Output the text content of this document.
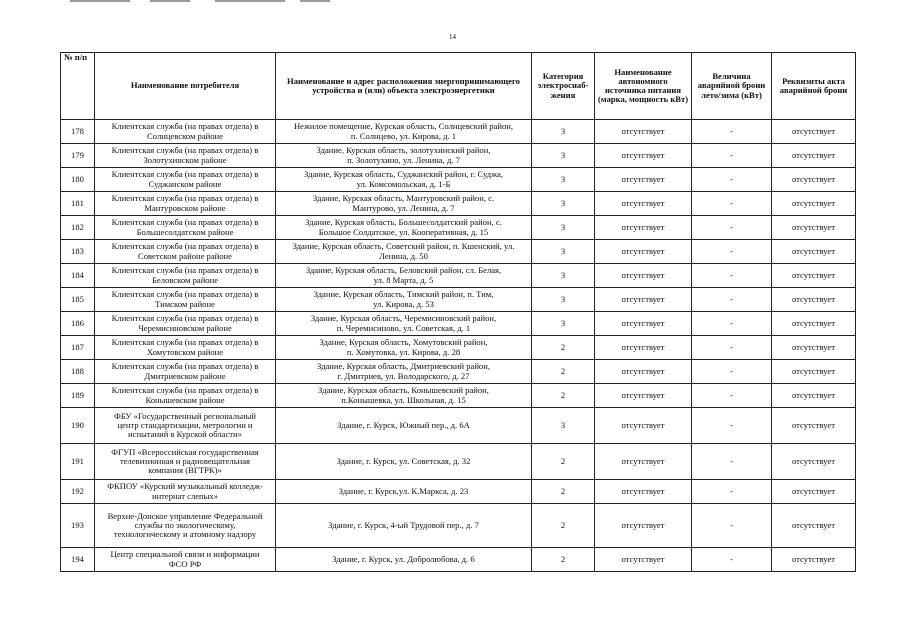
14
№ п/п	Наименование потребителя	Наименование и адрес расположения энергопринимающего устройства и (или) объекта электроэнергетики	Категория электроснаб-жения	Наименование автономного источника питания (марка, мощность кВт)	Величина аварийной брони лето/зима (кВт)	Реквизиты акта аварийной брони
178	Клиентская служба (на правах отдела) в
Солнцевском районе	Нежилое помещение, Курская область, Солнцевский район,
п. Солнцево, ул. Кирова, д. 1	3	отсутствует	-	отсутствует
179	Клиентская служба (на правах отдела) в
Золотухинском районе	Здание, Курская область, золотухинский район,
п. Золотухино, ул. Ленина, д. 7	3	отсутствует	-	отсутствует
180	Клиентская служба (на правах отдела) в
Суджанском районе	Здание, Курская область, Суджанский район, г. Суджа,
ул. Комсомольская, д. 1-Б	3	отсутствует	-	отсутствует
181	Клиентская служба (на правах отдела) в
Мантуровском районе	Здание, Курская область, Мантуровский район, с.
Мантурово, ул. Ленина, д. 7	3	отсутствует	-	отсутствует
182	Клиентская служба (на правах отдела) в
Большесолдатском районе	Здание, Курская область, Большесолдатский район, с.
Большое Солдатское, ул. Кооперативная, д. 15	3	отсутствует	-	отсутствует
183	Клиентская служба (на правах отдела) в
Советском районе районе	Здание, Курская область, Советский район, п. Кшенский, ул.
Ленина, д. 50	3	отсутствует	-	отсутствует
184	Клиентская служба (на правах отдела) в
Беловском районе	Здание, Курская область, Беловский район, сл. Белая,
ул. 8 Марта, д. 5	3	отсутствует	-	отсутствует
185	Клиентская служба (на правах отдела) в
Тимском районе	Здание, Курская область, Тимский район, п. Тим,
ул. Кирова, д. 53	3	отсутствует	-	отсутствует
186	Клиентская служба (на правах отдела) в
Черемисиновском районе	Здание, Курская область, Черемисиновский район,
п. Черемисиново, ул. Советская, д. 1	3	отсутствует	-	отсутствует
187	Клиентская служба (на правах отдела) в
Хомутовском районе	Здание, Курская область, Хомутовский район,
п. Хомутовка, ул. Кирова, д. 28	2	отсутствует	-	отсутствует
188	Клиентская служба (на правах отдела) в
Дмитриевском районе	Здание, Курская область, Дмитриевский район,
г. Дмитриев, ул. Володарского, д. 27	2	отсутствует	-	отсутствует
189	Клиентская служба (на правах отдела) в
Конышевском районе	Здание, Курская область, Конышевский район,
п.Конышевка, ул. Школьная, д. 15	2	отсутствует	-	отсутствует
190	ФБУ «Государственный региональный
центр стандартизации, метрологии и
испытаний в Курской области»	Здание, г. Курск, Южный пер., д. 6А	3	отсутствует	-	отсутствует
191	ФГУП «Всероссийская государственная
телевизионная и радиовещательная
компания (ВГТРК)»	Здание, г. Курск, ул. Советская, д. 32	2	отсутствует	-	отсутствует
192	ФКПОУ «Курский музыкальный колледж-
интернат слепых»	Здание, г. Курск,ул. К.Маркса, д. 23	2	отсутствует	-	отсутствует
193	Верхне-Донское управление Федеральной
службы по экологическому,
технологическому и атомному надзору	Здание, г. Курск, 4-ый Трудовой пер., д. 7	2	отсутствует	-	отсутствует
194	Центр специальной связи и информации
ФСО РФ	Здание, г. Курск, ул. Добролюбова, д. 6	2	отсутствует	-	отсутствует
